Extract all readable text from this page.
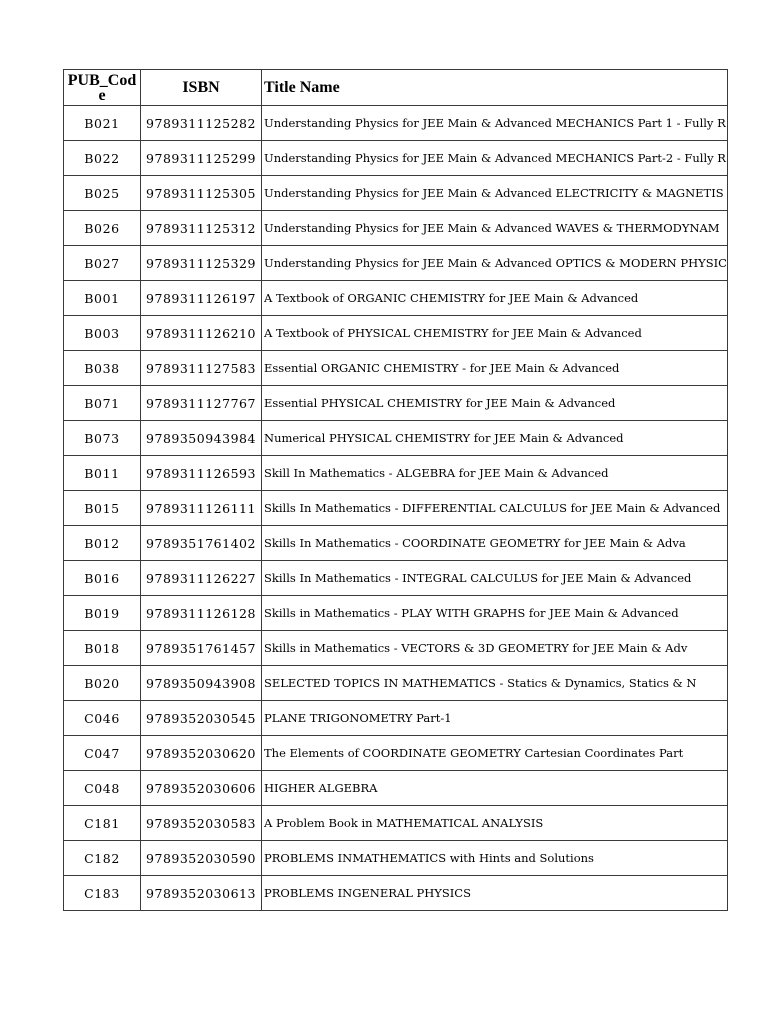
PUB_Code	ISBN	Title Name
B021	9789311125282	Understanding Physics for JEE Main & Advanced MECHANICS Part 1 - Fully R
B022	9789311125299	Understanding Physics for JEE Main & Advanced MECHANICS Part-2 - Fully R
B025	9789311125305	Understanding Physics for JEE Main & Advanced ELECTRICITY & MAGNETIS
B026	9789311125312	Understanding Physics for JEE Main & Advanced WAVES & THERMODYNAM
B027	9789311125329	Understanding Physics for JEE Main & Advanced OPTICS & MODERN PHYSIC
B001	9789311126197	A Textbook of ORGANIC CHEMISTRY for JEE Main & Advanced
B003	9789311126210	A Textbook of PHYSICAL CHEMISTRY for JEE Main & Advanced
B038	9789311127583	Essential ORGANIC CHEMISTRY - for JEE Main & Advanced
B071	9789311127767	Essential PHYSICAL CHEMISTRY for JEE Main & Advanced
B073	9789350943984	Numerical PHYSICAL CHEMISTRY for JEE Main & Advanced
B011	9789311126593	Skill In Mathematics - ALGEBRA for JEE Main & Advanced
B015	9789311126111	Skills In Mathematics - DIFFERENTIAL CALCULUS for JEE Main & Advanced
B012	9789351761402	Skills In Mathematics - COORDINATE GEOMETRY for JEE Main & Adva
B016	9789311126227	Skills In Mathematics - INTEGRAL CALCULUS for JEE Main & Advanced
B019	9789311126128	Skills in Mathematics - PLAY WITH GRAPHS for JEE Main & Advanced
B018	9789351761457	Skills in Mathematics - VECTORS & 3D GEOMETRY for JEE Main & Adv
B020	9789350943908	SELECTED TOPICS IN MATHEMATICS - Statics & Dynamics, Statics & N
C046	9789352030545	PLANE TRIGONOMETRY Part-1
C047	9789352030620	The Elements of COORDINATE GEOMETRY Cartesian Coordinates Part
C048	9789352030606	HIGHER ALGEBRA
C181	9789352030583	A Problem Book in MATHEMATICAL ANALYSIS
C182	9789352030590	PROBLEMS INMATHEMATICS with Hints and Solutions
C183	9789352030613	PROBLEMS INGENERAL PHYSICS
